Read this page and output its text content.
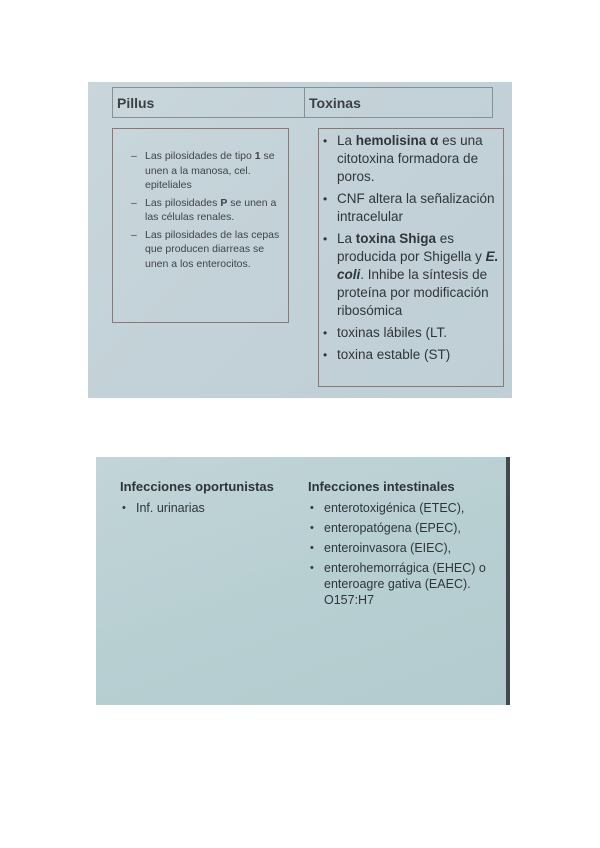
Pillus	Toxinas
– Las pilosidades de tipo 1 se unen a la manosa, cel. epiteliales
– Las pilosidades P se unen a las células renales.
– Las pilosidades de las cepas que producen diarreas se unen a los enterocitos.
• La hemolisina α es una citotoxina formadora de poros.
• CNF altera la señalización intracelular
• La toxina Shiga es producida por Shigella y E. coli. Inhibe la síntesis de proteína por modificación ribosómica
• toxinas lábiles (LT.
• toxina estable (ST)
Infecciones oportunistas
• Inf. urinarias
Infecciones intestinales
• enterotoxigénica (ETEC),
• enteropatógena (EPEC),
• enteroinvasora (EIEC),
• enterohemorrágica (EHEC) o enteroagre gativa (EAEC). O157:H7
